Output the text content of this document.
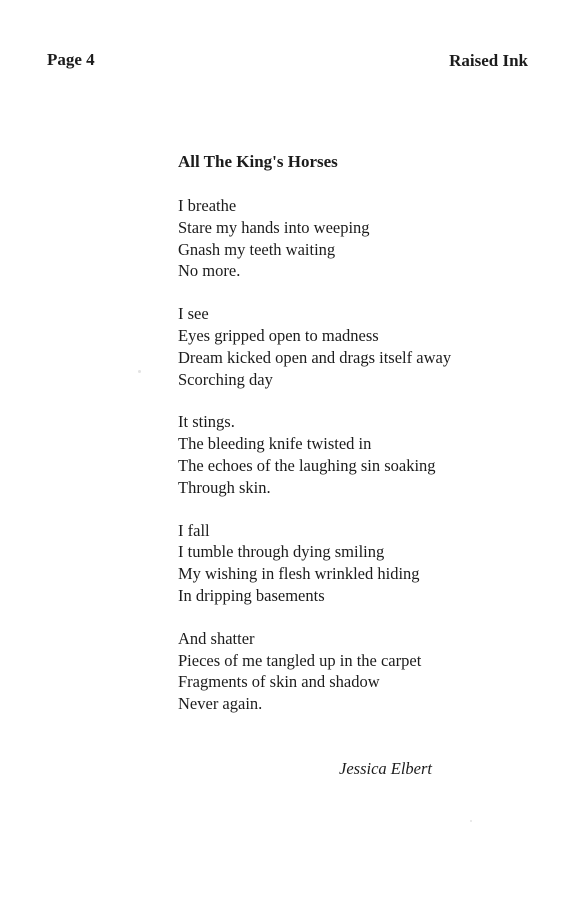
Page 4	Raised Ink
All The King's Horses
I breathe
Stare my hands into weeping
Gnash my teeth waiting
No more.
I see
Eyes gripped open to madness
Dream kicked open and drags itself away
Scorching day
It stings.
The bleeding knife twisted in
The echoes of the laughing sin soaking
Through skin.
I fall
I tumble through dying smiling
My wishing in flesh wrinkled hiding
In dripping basements
And shatter
Pieces of me tangled up in the carpet
Fragments of skin and shadow
Never again.
Jessica Elbert
